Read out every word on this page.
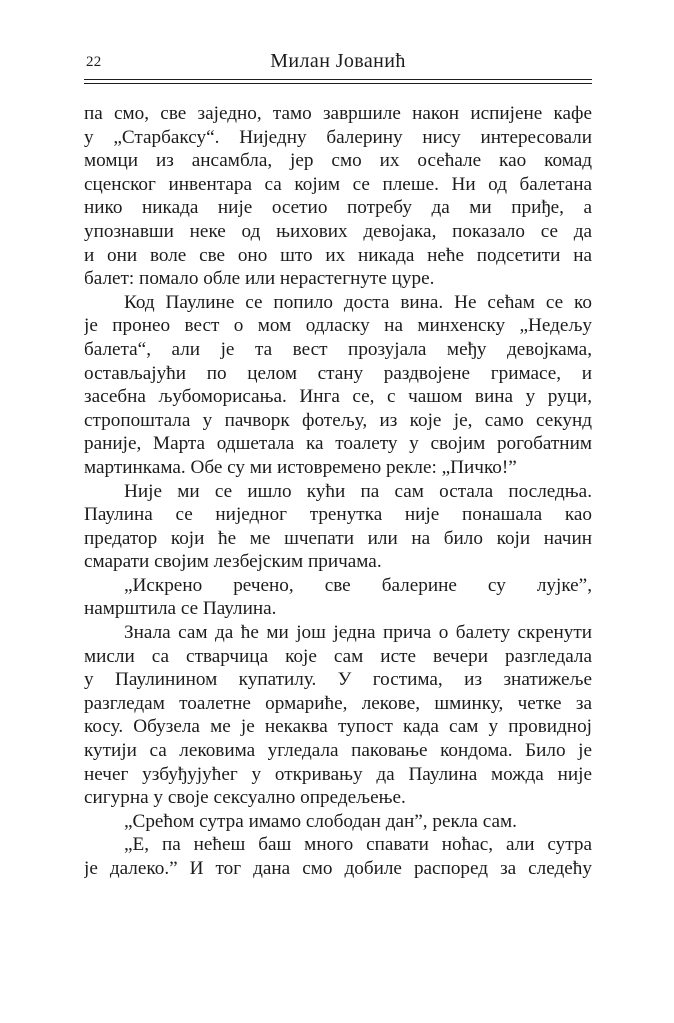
22	Милан Јованић
па смо, све заједно, тамо завршиле након испијене кафе
у „Старбаксу“. Ниједну балерину нису интересовали
момци из ансамбла, јер смо их осећале као комад
сценског инвентара са којим се плеше. Ни од балетана
нико никада није осетио потребу да ми приђе, а
упознавши неке од њихових девојака, показало се да
и они воле све оно што их никада неће подсетити на
балет: помало обле или нерастегнуте цуре.
Код Паулине се попило доста вина. Не сећам се ко
је пронео вест о мом одласку на минхенску „Недељу
балета“, али је та вест прозујала међу девојкама,
остављајући по целом стану раздвојене гримасе, и
засебна љубоморисања. Инга се, с чашом вина у руци,
стропоштала у пачворк фотељу, из које је, само секунд
раније, Марта одшетала ка тоалету у својим рогобатним
мартинкама. Обе су ми истовремено рекле: „Пичко!”
Није ми се ишло кући па сам остала последња.
Паулина се ниједног тренутка није понашала као
предатор који ће ме шчепати или на било који начин
смарати својим лезбејским причама.
„Искрено речено, све балерине су лујке”,
намрштила се Паулина.
Знала сам да ће ми још једна прича о балету скренути
мисли са стварчица које сам исте вечери разгледала
у Паулинином купатилу. У гостима, из знатижеље
разгледам тоалетне ормариће, лекове, шминку, четке за
косу. Обузела ме је некаква тупост када сам у провидној
кутији са лековима угледала паковање кондома. Било је
нечег узбуђујућег у откривању да Паулина можда није
сигурна у своје сексуално опредељење.
„Срећом сутра имамо слободан дан”, рекла сам.
„Е, па нећеш баш много спавати ноћас, али сутра
је далеко.” И тог дана смо добиле распоред за следећу
